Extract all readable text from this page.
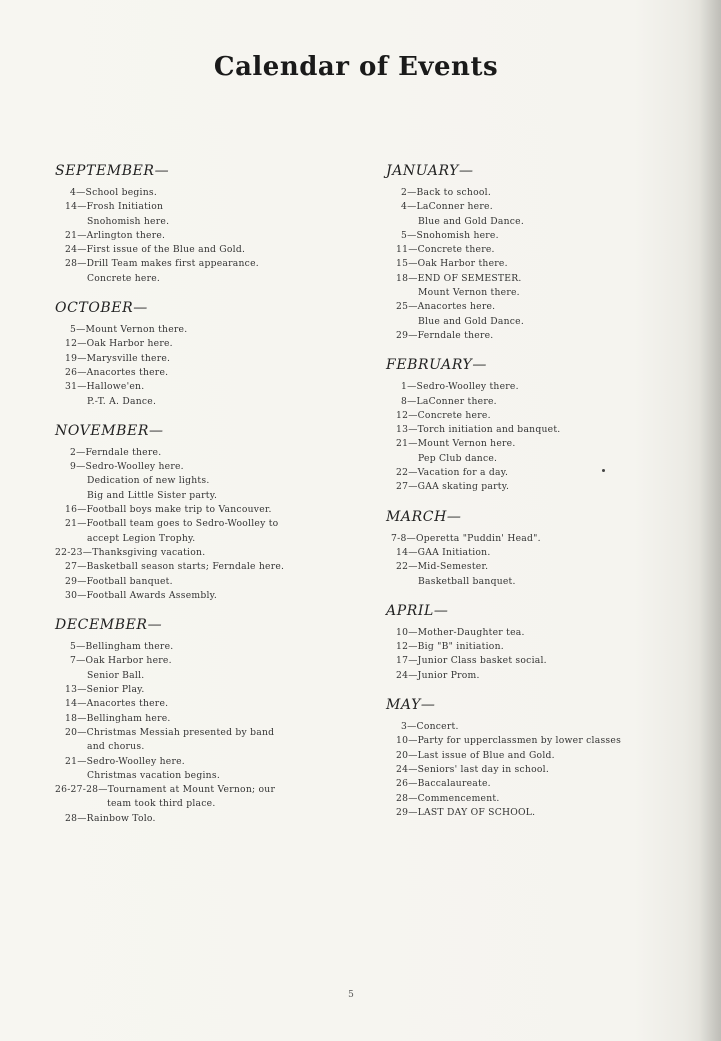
Calendar of Events
SEPTEMBER—
4—School begins.
14—Frosh Initiation
Snohomish here.
21—Arlington there.
24—First issue of the Blue and Gold.
28—Drill Team makes first appearance.
Concrete here.
OCTOBER—
5—Mount Vernon there.
12—Oak Harbor here.
19—Marysville there.
26—Anacortes there.
31—Hallowe'en.
P.-T. A. Dance.
NOVEMBER—
2—Ferndale there.
9—Sedro-Woolley here.
Dedication of new lights.
Big and Little Sister party.
16—Football boys make trip to Vancouver.
21—Football team goes to Sedro-Woolley to
accept Legion Trophy.
22-23—Thanksgiving vacation.
27—Basketball season starts; Ferndale here.
29—Football banquet.
30—Football Awards Assembly.
DECEMBER—
5—Bellingham there.
7—Oak Harbor here.
Senior Ball.
13—Senior Play.
14—Anacortes there.
18—Bellingham here.
20—Christmas Messiah presented by band
and chorus.
21—Sedro-Woolley here.
Christmas vacation begins.
26-27-28—Tournament at Mount Vernon; our
team took third place.
28—Rainbow Tolo.
JANUARY—
2—Back to school.
4—LaConner here.
Blue and Gold Dance.
5—Snohomish here.
11—Concrete there.
15—Oak Harbor there.
18—END OF SEMESTER.
Mount Vernon there.
25—Anacortes here.
Blue and Gold Dance.
29—Ferndale there.
FEBRUARY—
1—Sedro-Woolley there.
8—LaConner there.
12—Concrete here.
13—Torch initiation and banquet.
21—Mount Vernon here.
Pep Club dance.
22—Vacation for a day.
27—GAA skating party.
MARCH—
7-8—Operetta "Puddin' Head".
14—GAA Initiation.
22—Mid-Semester.
Basketball banquet.
APRIL—
10—Mother-Daughter tea.
12—Big "B" initiation.
17—Junior Class basket social.
24—Junior Prom.
MAY—
3—Concert.
10—Party for upperclassmen by lower classes
20—Last issue of Blue and Gold.
24—Seniors' last day in school.
26—Baccalaureate.
28—Commencement.
29—LAST DAY OF SCHOOL.
5
